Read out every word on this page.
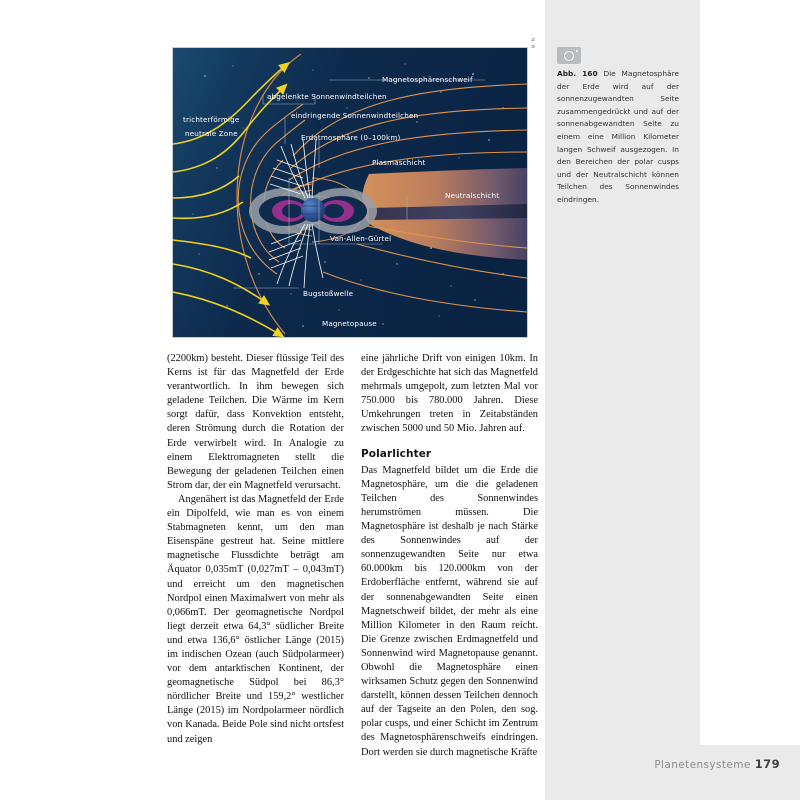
Magnetosphärenschweif
abgelenkte Sonnenwindteilchen
eindringende Sonnenwindteilchen
trichterförmige
neutrale Zone	Erdatmosphäre (0–100km)
Plasmaschicht
Neutralschicht
Van-Allen-Gürtel
Bugstoßwelle
Magnetopause
M. M.
Abb. 160 Die Magnetosphäre der Erde wird auf der sonnenzugewandten Seite zusammengedrückt und auf der sonnenabgewandten Seite zu einem eine Million Kilometer langen Schweif ausgezogen. In den Bereichen der polar cusps und der Neutralschicht können Teilchen des Sonnenwindes eindringen.

(2200km) besteht. Dieser flüssige Teil des Kerns ist für das Magnetfeld der Erde verantwortlich. In ihm bewegen sich geladene Teilchen. Die Wärme im Kern sorgt dafür, dass Konvektion entsteht, deren Strömung durch die Rotation der Erde verwirbelt wird. In Analogie zu einem Elektromagneten stellt die Bewegung der geladenen Teilchen einen Strom dar, der ein Magnetfeld verursacht.

Angenähert ist das Magnetfeld der Erde ein Dipolfeld, wie man es von einem Stabmagneten kennt, um den man Eisenspäne gestreut hat. Seine mittlere magnetische Flussdichte beträgt am Äquator 0,035mT (0,027mT – 0,043mT) und erreicht um den magnetischen Nordpol einen Maximalwert von mehr als 0,066mT. Der geomagnetische Nordpol liegt derzeit etwa 64,3° südlicher Breite und etwa 136,6° östlicher Länge (2015) im indischen Ozean (auch Südpolarmeer) vor dem antarktischen Kontinent, der geomagnetische Südpol bei 86,3° nördlicher Breite und 159,2° westlicher Länge (2015) im Nordpolarmeer nördlich von Kanada. Beide Pole sind nicht ortsfest und zeigen

eine jährliche Drift von einigen 10km. In der Erdgeschichte hat sich das Magnetfeld mehrmals umgepolt, zum letzten Mal vor 750.000 bis 780.000 Jahren. Diese Umkehrungen treten in Zeitabständen zwischen 5000 und 50 Mio. Jahren auf.

Polarlichter

Das Magnetfeld bildet um die Erde die Magnetosphäre, um die die geladenen Teilchen des Sonnenwindes herumströmen müssen. Die Magnetosphäre ist deshalb je nach Stärke des Sonnenwindes auf der sonnenzugewandten Seite nur etwa 60.000km bis 120.000km von der Erdoberfläche entfernt, während sie auf der sonnenabgewandten Seite einen Magnetschweif bildet, der mehr als eine Million Kilometer in den Raum reicht. Die Grenze zwischen Erdmagnetfeld und Sonnenwind wird Magnetopause genannt. Obwohl die Magnetosphäre einen wirksamen Schutz gegen den Sonnenwind darstellt, können dessen Teilchen dennoch auf der Tagseite an den Polen, den sog. polar cusps, und einer Schicht im Zentrum des Magnetosphärenschweifs eindringen. Dort werden sie durch magnetische Kräfte

Planetensysteme 179
